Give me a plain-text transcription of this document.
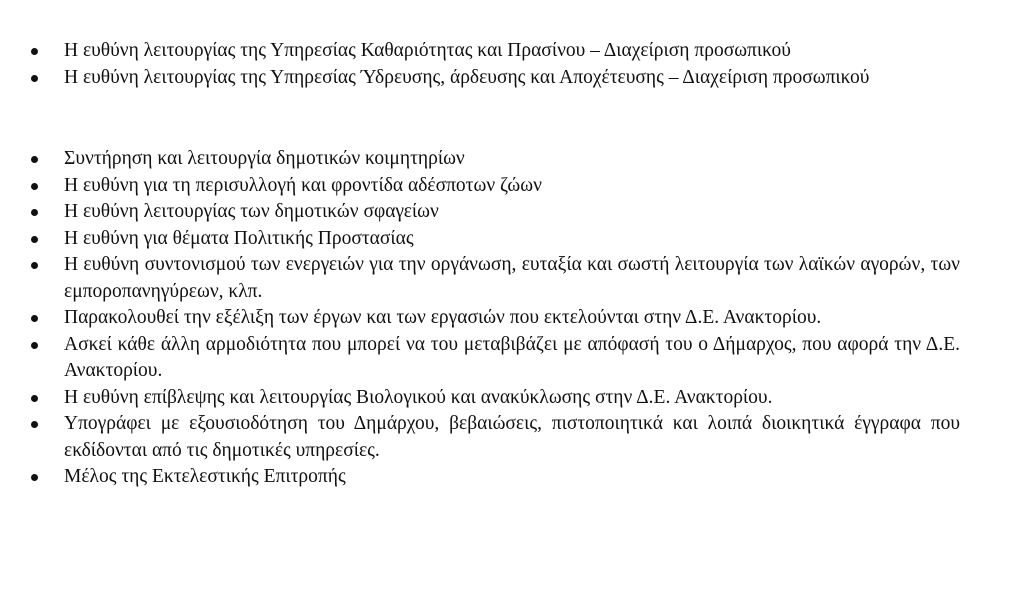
Η ευθύνη λειτουργίας της Υπηρεσίας Καθαριότητας και Πρασίνου – Διαχείριση προσωπικού
Η ευθύνη λειτουργίας της Υπηρεσίας Ύδρευσης, άρδευσης και Αποχέτευσης – Διαχείριση προσωπικού
Συντήρηση και λειτουργία δημοτικών κοιμητηρίων
Η ευθύνη για τη περισυλλογή και φροντίδα αδέσποτων ζώων
Η ευθύνη λειτουργίας των δημοτικών σφαγείων
Η ευθύνη για θέματα Πολιτικής Προστασίας
Η ευθύνη συντονισμού των ενεργειών για την οργάνωση, ευταξία και σωστή λειτουργία των λαϊκών αγορών, των εμποροπανηγύρεων, κλπ.
Παρακολουθεί την εξέλιξη των έργων και των εργασιών που εκτελούνται στην Δ.Ε. Ανακτορίου.
Ασκεί κάθε άλλη αρμοδιότητα που μπορεί να του μεταβιβάζει με απόφασή του ο Δήμαρχος, που αφορά την Δ.Ε. Ανακτορίου.
Η ευθύνη επίβλεψης και λειτουργίας Βιολογικού και ανακύκλωσης στην Δ.Ε. Ανακτορίου.
Υπογράφει με εξουσιοδότηση του Δημάρχου, βεβαιώσεις, πιστοποιητικά και λοιπά διοικητικά έγγραφα που εκδίδονται από τις δημοτικές υπηρεσίες.
Μέλος της Εκτελεστικής Επιτροπής
